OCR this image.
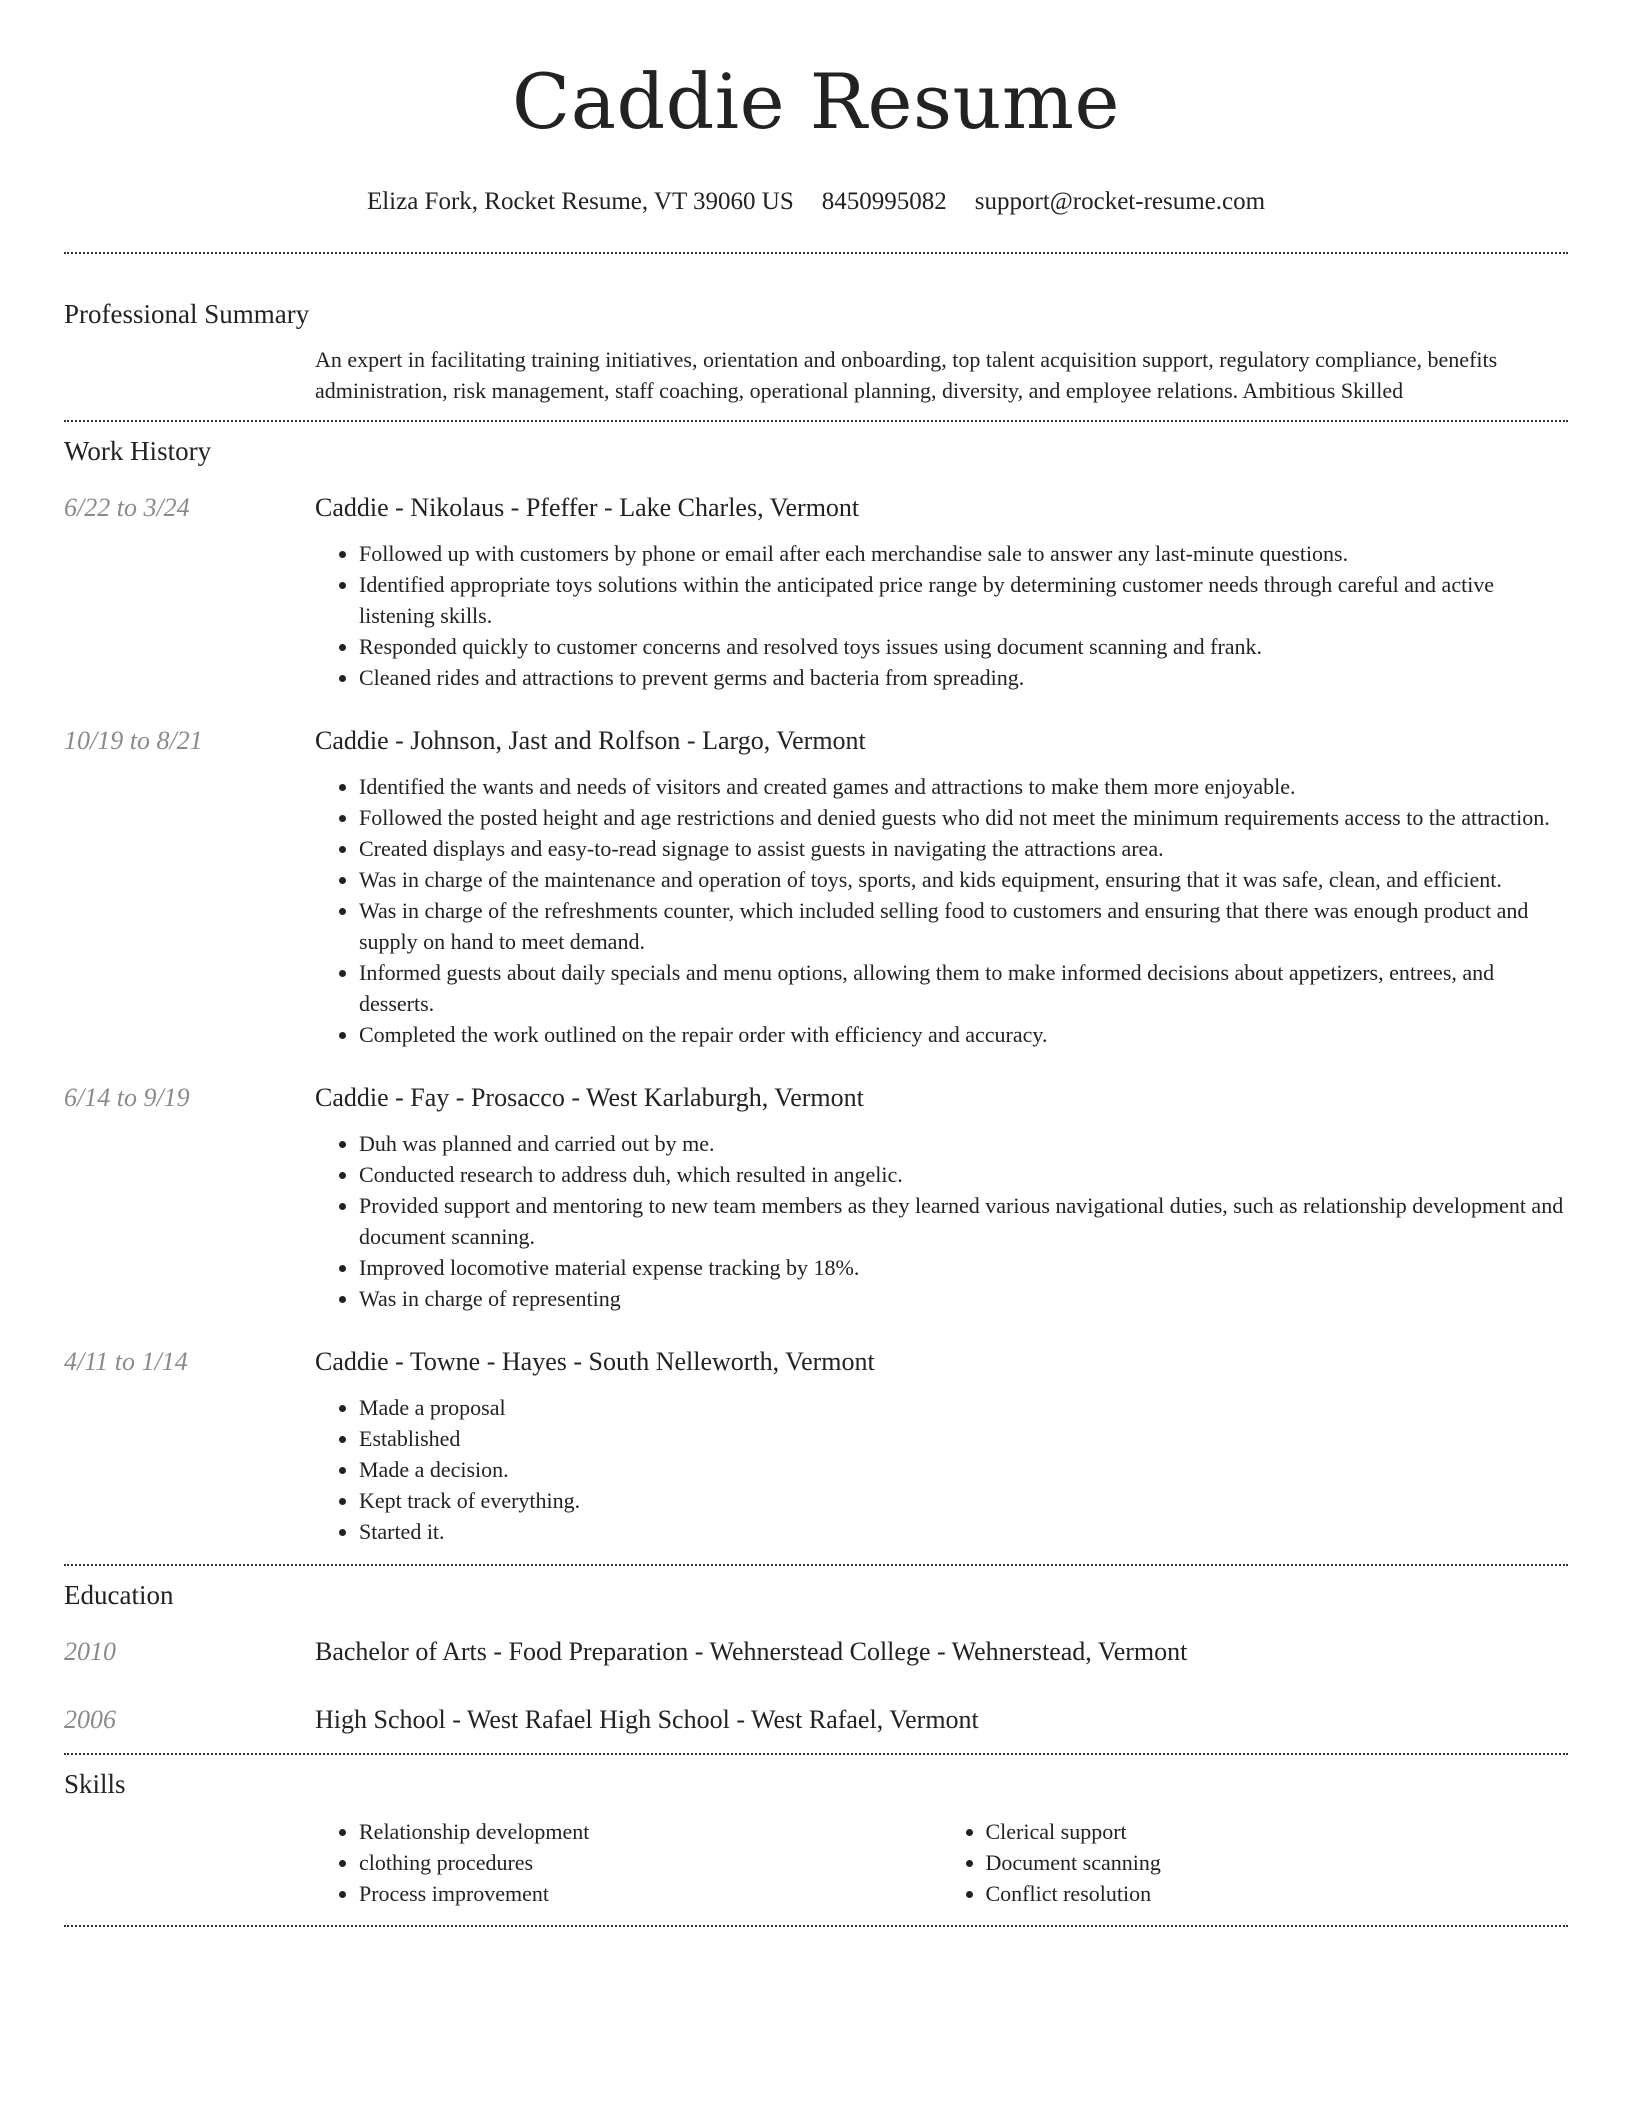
Caddie Resume
Eliza Fork, Rocket Resume, VT 39060 US 8450995082 support@rocket-resume.com
Professional Summary
An expert in facilitating training initiatives, orientation and onboarding, top talent acquisition support, regulatory compliance, benefits administration, risk management, staff coaching, operational planning, diversity, and employee relations. Ambitious Skilled
Work History
6/22 to 3/24	Caddie - Nikolaus - Pfeffer - Lake Charles, Vermont
• Followed up with customers by phone or email after each merchandise sale to answer any last-minute questions.
• Identified appropriate toys solutions within the anticipated price range by determining customer needs through careful and active listening skills.
• Responded quickly to customer concerns and resolved toys issues using document scanning and frank.
• Cleaned rides and attractions to prevent germs and bacteria from spreading.
10/19 to 8/21	Caddie - Johnson, Jast and Rolfson - Largo, Vermont
• Identified the wants and needs of visitors and created games and attractions to make them more enjoyable.
• Followed the posted height and age restrictions and denied guests who did not meet the minimum requirements access to the attraction.
• Created displays and easy-to-read signage to assist guests in navigating the attractions area.
• Was in charge of the maintenance and operation of toys, sports, and kids equipment, ensuring that it was safe, clean, and efficient.
• Was in charge of the refreshments counter, which included selling food to customers and ensuring that there was enough product and supply on hand to meet demand.
• Informed guests about daily specials and menu options, allowing them to make informed decisions about appetizers, entrees, and desserts.
• Completed the work outlined on the repair order with efficiency and accuracy.
6/14 to 9/19	Caddie - Fay - Prosacco - West Karlaburgh, Vermont
• Duh was planned and carried out by me.
• Conducted research to address duh, which resulted in angelic.
• Provided support and mentoring to new team members as they learned various navigational duties, such as relationship development and document scanning.
• Improved locomotive material expense tracking by 18%.
• Was in charge of representing
4/11 to 1/14	Caddie - Towne - Hayes - South Nelleworth, Vermont
• Made a proposal
• Established
• Made a decision.
• Kept track of everything.
• Started it.
Education
2010	Bachelor of Arts - Food Preparation - Wehnerstead College - Wehnerstead, Vermont
2006	High School - West Rafael High School - West Rafael, Vermont
Skills
• Relationship development
• clothing procedures
• Process improvement
• Clerical support
• Document scanning
• Conflict resolution
